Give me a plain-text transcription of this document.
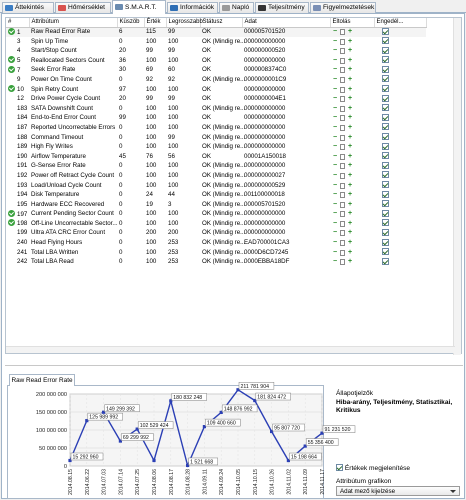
Áttekintés	Hőmérséklet	S.M.A.R.T.	Információk	Napló	Teljesítmény	Figyelmeztetések
#	Attribútum	Küszöb	Érték	Legrosszabb	Státusz	Adat	Eltolás	Engedél...
1	Raw Read Error Rate	6	115	99	OK	000005701520	− +	

3	Spin Up Time	0	100	100	OK (Mindig re...	000000000000	− +	

4	Start/Stop Count	20	99	99	OK	000000000520	− +	

5	Reallocated Sectors Count	36	100	100	OK	000000000000	− +	

7	Seek Error Rate	30	69	60	OK	0000008374C0	− +	

9	Power On Time Count	0	92	92	OK (Mindig re...	0000000001C9	− +	

10	Spin Retry Count	97	100	100	OK	000000000000	− +	

12	Drive Power Cycle Count	20	99	99	OK	0000000004E1	− +	

183	SATA Downshift Count	0	100	100	OK (Mindig re...	000000000000	− +	

184	End-to-End Error Count	99	100	100	OK	000000000000	− +	

187	Reported Uncorrectable Errors	0	100	100	OK (Mindig re...	000000000000	− +	

188	Command Timeout	0	100	99	OK (Mindig re...	000000000000	− +	

189	High Fly Writes	0	100	100	OK (Mindig re...	000000000000	− +	

190	Airflow Temperature	45	76	56	OK	00001A150018	− +	

191	G-Sense Error Rate	0	100	100	OK (Mindig re...	000000000000	− +	

192	Power off Retract Cycle Count	0	100	100	OK (Mindig re...	000000000027	− +	

193	Load/Unload Cycle Count	0	100	100	OK (Mindig re...	000000000529	− +	

194	Disk Temperature	0	24	44	OK (Mindig re...	001100000018	− +	

195	Hardware ECC Recovered	0	19	3	OK (Mindig re...	000005701520	− +	

197	Current Pending Sector Count	0	100	100	OK (Mindig re...	000000000000	− +	

198	Off-Line Uncorrectable Sector...	0	100	100	OK (Mindig re...	000000000000	− +	

199	Ultra ATA CRC Error Count	0	200	200	OK (Mindig re...	000000000000	− +	

240	Head Flying Hours	0	100	253	OK (Mindig re...	EAD700001CA3	− +	

241	Total LBA Written	0	100	253	OK (Mindig re...	0000D6CD7245	− +	

242	Total LBA Read	0	100	253	OK (Mindig re...	0000EBBA18DF	− +	

Raw Read Error Rate
200 000 000
150 000 000
100 000 000
50 000 000
0
2014.08.15 2014.06.22 2014.07.03 2014.07.14 2014.07.25 2014.08.06 2014.08.17 2014.08.28 2014.09.11 2014.09.24 2014.10.05 2014.10.15 2014.10.26 2014.11.02 2014.11.09 2014.11.17
15 292 960
125 989 992
149 299 392
69 299 992
102 529 424
180 832 248
1 521 668
109 400 660
148 876 992
211 781 904
181 824 472
95 807 720
15 198 664
55 356 400
91 231 520
Állapotjelzők
Hiba-arány, Teljesítmény, Statisztikai, Kritikus
Értékek megjelenítése
Attribútum grafikon
Adat mező kijelzése
